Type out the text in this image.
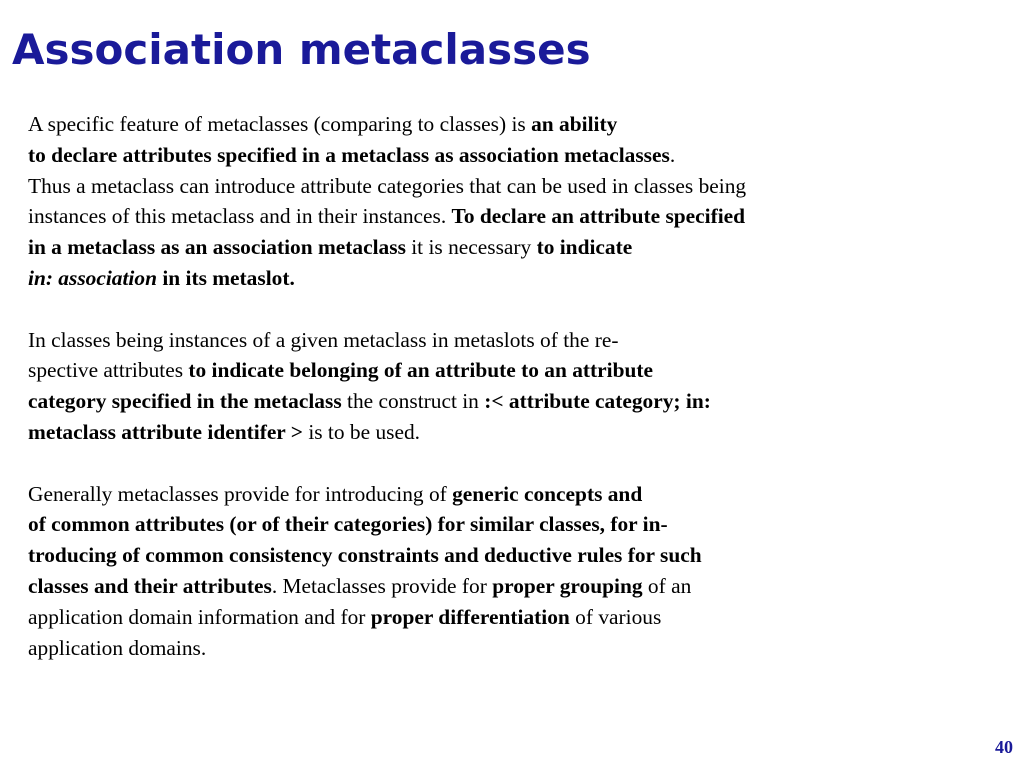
Association metaclasses
A specific feature of metaclasses (comparing to classes) is an ability
to declare attributes specified in a metaclass as association metaclasses.
Thus a metaclass can introduce attribute categories that can be used in classes being
instances of this metaclass and in their instances. To declare an attribute specified
in a metaclass as an association metaclass it is necessary to indicate
in: association in its metaslot.
In classes being instances of a given metaclass in metaslots of the re-
spective attributes to indicate belonging of an attribute to an attribute
category specified in the metaclass the construct in :< attribute category; in:
metaclass attribute identifer > is to be used.
Generally metaclasses provide for introducing of generic concepts and
of common attributes (or of their categories) for similar classes, for in-
troducing of common consistency constraints and deductive rules for such
classes and their attributes. Metaclasses provide for proper grouping of an
application domain information and for proper differentiation of various
application domains.
40
